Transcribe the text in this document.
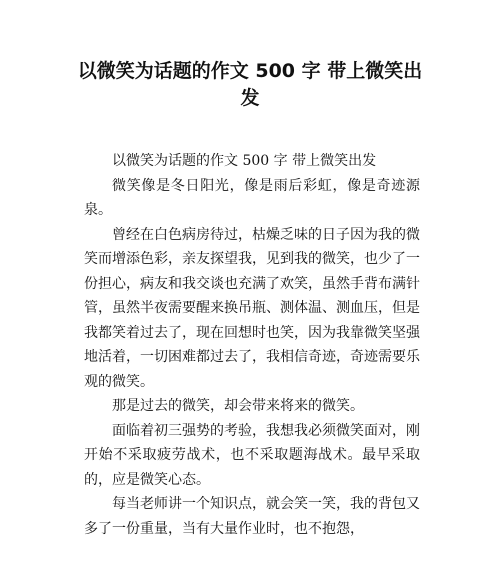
以微笑为话题的作文 500 字 带上微笑出发

以微笑为话题的作文 500 字 带上微笑出发

微笑像是冬日阳光，像是雨后彩虹，像是奇迹源泉。

曾经在白色病房待过，枯燥乏味的日子因为我的微笑而增添色彩，亲友探望我，见到我的微笑，也少了一份担心，病友和我交谈也充满了欢笑，虽然手背布满针管，虽然半夜需要醒来换吊瓶、测体温、测血压，但是我都笑着过去了，现在回想时也笑，因为我靠微笑坚强地活着，一切困难都过去了，我相信奇迹，奇迹需要乐观的微笑。

那是过去的微笑，却会带来将来的微笑。

面临着初三强势的考验，我想我必须微笑面对，刚开始不采取疲劳战术，也不采取题海战术。最早采取的，应是微笑心态。

每当老师讲一个知识点，就会笑一笑，我的背包又多了一份重量，当有大量作业时，也不抱怨，
